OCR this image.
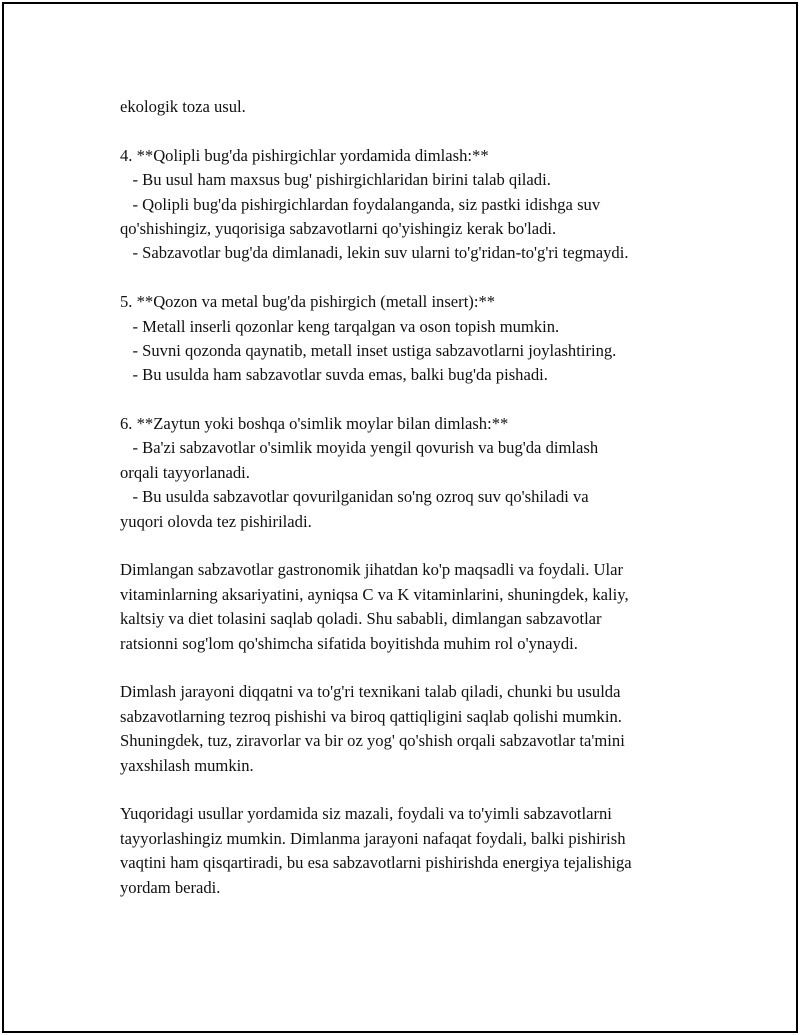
ekologik toza usul.
4. **Qolipli bug'da pishirgichlar yordamida dimlash:**
- Bu usul ham maxsus bug' pishirgichlaridan birini talab qiladi.
- Qolipli bug'da pishirgichlardan foydalanganda, siz pastki idishga suv
qo'shishingiz, yuqorisiga sabzavotlarni qo'yishingiz kerak bo'ladi.
- Sabzavotlar bug'da dimlanadi, lekin suv ularni to'g'ridan-to'g'ri tegmaydi.
5. **Qozon va metal bug'da pishirgich (metall insert):**
- Metall inserli qozonlar keng tarqalgan va oson topish mumkin.
- Suvni qozonda qaynatib, metall inset ustiga sabzavotlarni joylashtiring.
- Bu usulda ham sabzavotlar suvda emas, balki bug'da pishadi.
6. **Zaytun yoki boshqa o'simlik moylar bilan dimlash:**
- Ba'zi sabzavotlar o'simlik moyida yengil qovurish va bug'da dimlash
orqali tayyorlanadi.
- Bu usulda sabzavotlar qovurilganidan so'ng ozroq suv qo'shiladi va
yuqori olovda tez pishiriladi.
Dimlangan sabzavotlar gastronomik jihatdan ko'p maqsadli va foydali. Ular
vitaminlarning aksariyatini, ayniqsa C va K vitaminlarini, shuningdek, kaliy,
kaltsiy va diet tolasini saqlab qoladi. Shu sababli, dimlangan sabzavotlar
ratsionni sog'lom qo'shimcha sifatida boyitishda muhim rol o'ynaydi.
Dimlash jarayoni diqqatni va to'g'ri texnikani talab qiladi, chunki bu usulda
sabzavotlarning tezroq pishishi va biroq qattiqligini saqlab qolishi mumkin.
Shuningdek, tuz, ziravorlar va bir oz yog' qo'shish orqali sabzavotlar ta'mini
yaxshilash mumkin.
Yuqoridagi usullar yordamida siz mazali, foydali va to'yimli sabzavotlarni
tayyorlashingiz mumkin. Dimlanma jarayoni nafaqat foydali, balki pishirish
vaqtini ham qisqartiradi, bu esa sabzavotlarni pishirishda energiya tejalishiga
yordam beradi.
